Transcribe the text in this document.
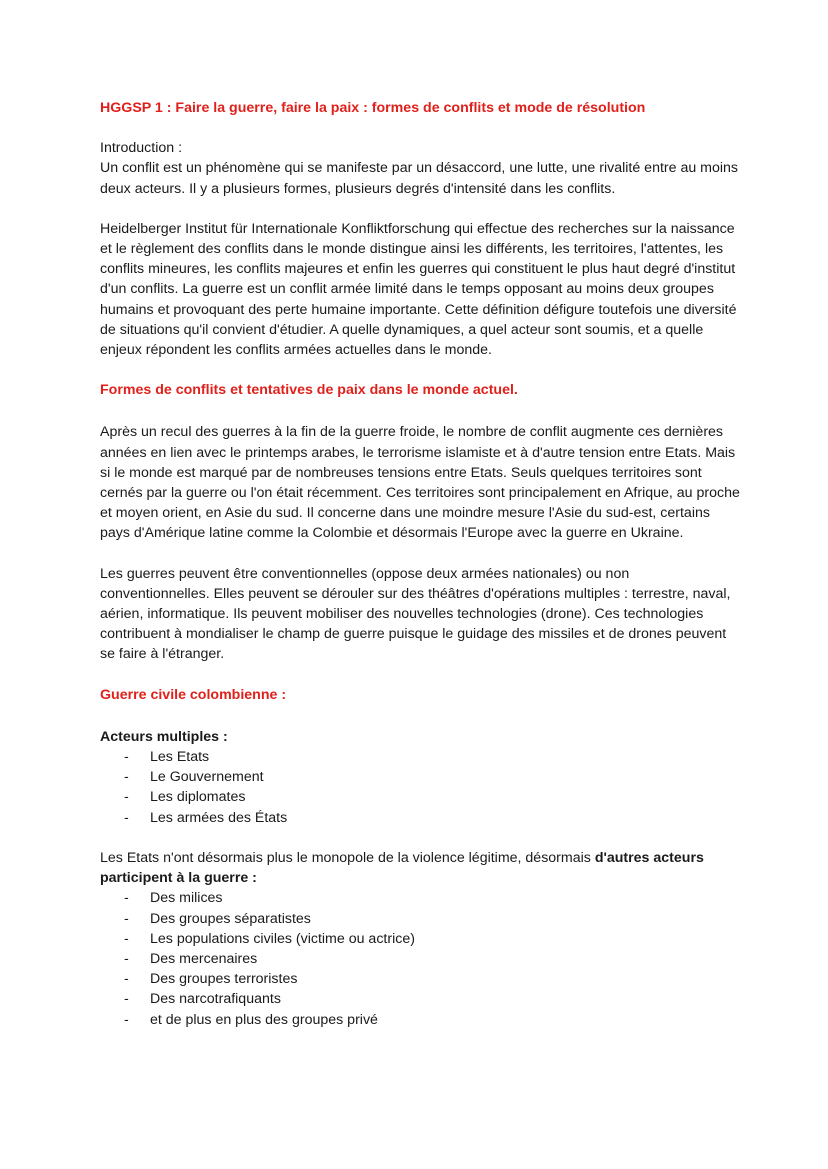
HGGSP 1 : Faire la guerre, faire la paix : formes de conflits et mode de résolution

Introduction :

Un conflit est un phénomène qui se manifeste par un désaccord, une lutte, une rivalité entre au moins deux acteurs. Il y a plusieurs formes, plusieurs degrés d'intensité dans les conflits.

Heidelberger Institut für Internationale Konfliktforschung qui effectue des recherches sur la naissance et le règlement des conflits dans le monde distingue ainsi les différents, les territoires, l'attentes, les conflits mineures, les conflits majeures et enfin les guerres qui constituent le plus haut degré d'institut d'un conflits. La guerre est un conflit armée limité dans le temps opposant au moins deux groupes humains et provoquant des perte humaine importante. Cette définition défigure toutefois une diversité de situations qu'il convient d'étudier. A quelle dynamiques, a quel acteur sont soumis, et a quelle enjeux répondent les conflits armées actuelles dans le monde.

Formes de conflits et tentatives de paix dans le monde actuel.

Après un recul des guerres à la fin de la guerre froide, le nombre de conflit augmente ces dernières années en lien avec le printemps arabes, le terrorisme islamiste et à d'autre tension entre Etats. Mais si le monde est marqué par de nombreuses tensions entre Etats. Seuls quelques territoires sont cernés par la guerre ou l'on était récemment. Ces territoires sont principalement en Afrique, au proche et moyen orient, en Asie du sud. Il concerne dans une moindre mesure l'Asie du sud-est, certains pays d'Amérique latine comme la Colombie et désormais l'Europe avec la guerre en Ukraine.

Les guerres peuvent être conventionnelles (oppose deux armées nationales) ou non conventionnelles. Elles peuvent se dérouler sur des théâtres d'opérations multiples : terrestre, naval, aérien, informatique. Ils peuvent mobiliser des nouvelles technologies (drone). Ces technologies contribuent à mondialiser le champ de guerre puisque le guidage des missiles et de drones peuvent se faire à l'étranger.

Guerre civile colombienne :

Acteurs multiples :

- Les Etats
- Le Gouvernement
- Les diplomates
- Les armées des États

Les Etats n'ont désormais plus le monopole de la violence légitime, désormais d'autres acteurs participent à la guerre :

- Des milices
- Des groupes séparatistes
- Les populations civiles (victime ou actrice)
- Des mercenaires
- Des groupes terroristes
- Des narcotrafiquants
- et de plus en plus des groupes privé
